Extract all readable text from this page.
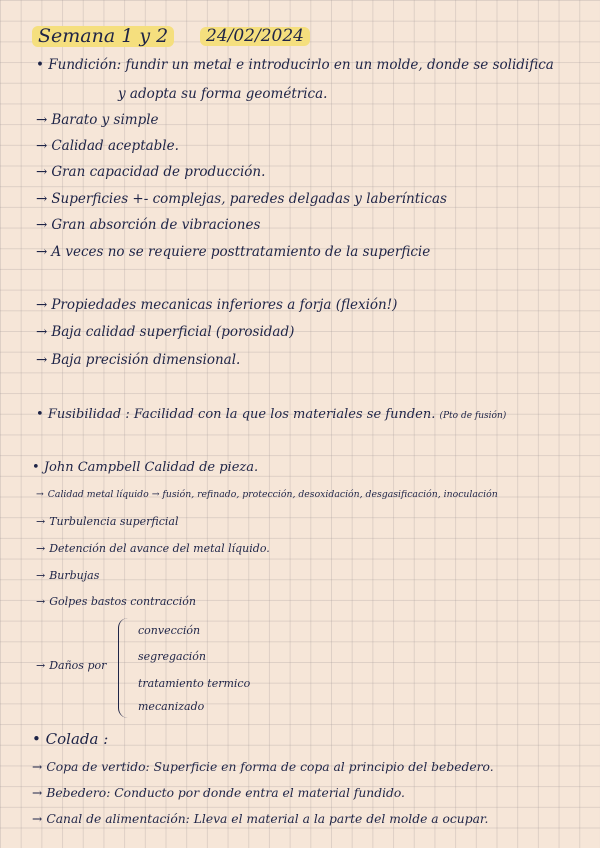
Semana 1 y 2	24/02/2024
• Fundición: fundir un metal e introducirlo en un molde, donde se solidifica
y adopta su forma geométrica.
→ Barato y simple
→ Calidad aceptable.
→ Gran capacidad de producción.
→ Superficies +- complejas, paredes delgadas y laberínticas
→ Gran absorción de vibraciones
→ A veces no se requiere posttratamiento de la superficie
→ Propiedades mecanicas inferiores a forja (flexión!)
→ Baja calidad superficial (porosidad)
→ Baja precisión dimensional.
• Fusibilidad : Facilidad con la que los materiales se funden. (Pto de fusión)
• John Campbell Calidad de pieza.
→ Calidad metal líquido → fusión, refinado, protección, desoxidación, desgasificación, inoculación
→ Turbulencia superficial
→ Detención del avance del metal líquido.
→ Burbujas
→ Golpes bastos contracción
→ Daños por
convección
segregación
tratamiento termico
mecanizado
• Colada :
→ Copa de vertido: Superficie en forma de copa al principio del bebedero.
→ Bebedero: Conducto por donde entra el material fundido.
→ Canal de alimentación: Lleva el material a la parte del molde a ocupar.
